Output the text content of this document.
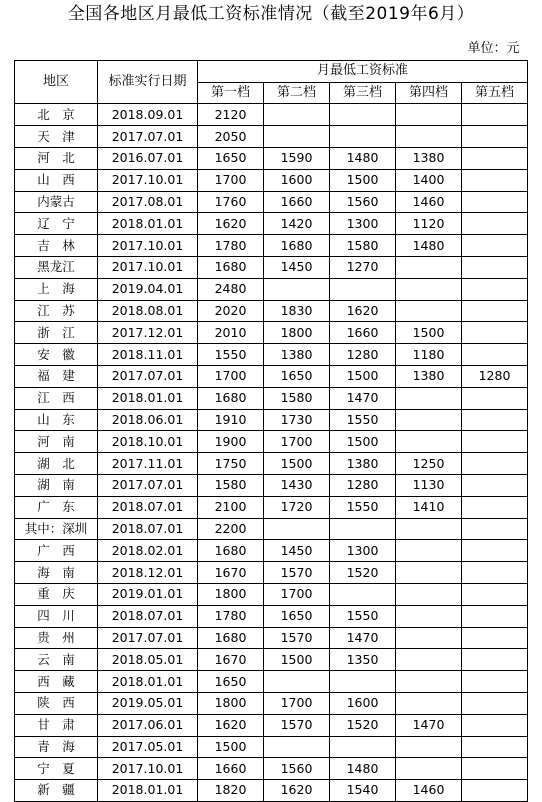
全国各地区月最低工资标准情况（截至2019年6月）
单位：元						
地区	标准实行日期	月最低工资标准				
		第一档	第二档	第三档	第四档	第五档
北　京	2018.09.01	2120				
天　津	2017.07.01	2050				
河　北	2016.07.01	1650	1590	1480	1380	
山　西	2017.10.01	1700	1600	1500	1400	
内蒙古	2017.08.01	1760	1660	1560	1460	
辽　宁	2018.01.01	1620	1420	1300	1120	
吉　林	2017.10.01	1780	1680	1580	1480	
黑龙江	2017.10.01	1680	1450	1270		
上　海	2019.04.01	2480				
江　苏	2018.08.01	2020	1830	1620		
浙　江	2017.12.01	2010	1800	1660	1500	
安　徽	2018.11.01	1550	1380	1280	1180	
福　建	2017.07.01	1700	1650	1500	1380	1280
江　西	2018.01.01	1680	1580	1470		
山　东	2018.06.01	1910	1730	1550		
河　南	2018.10.01	1900	1700	1500		
湖　北	2017.11.01	1750	1500	1380	1250	
湖　南	2017.07.01	1580	1430	1280	1130	
广　东	2018.07.01	2100	1720	1550	1410	
其中：深圳	2018.07.01	2200				
广　西	2018.02.01	1680	1450	1300		
海　南	2018.12.01	1670	1570	1520		
重　庆	2019.01.01	1800	1700			
四　川	2018.07.01	1780	1650	1550		
贵　州	2017.07.01	1680	1570	1470		
云　南	2018.05.01	1670	1500	1350		
西　藏	2018.01.01	1650				
陕　西	2019.05.01	1800	1700	1600		
甘　肃	2017.06.01	1620	1570	1520	1470	
青　海	2017.05.01	1500				
宁　夏	2017.10.01	1660	1560	1480		
新　疆	2018.01.01	1820	1620	1540	1460	
